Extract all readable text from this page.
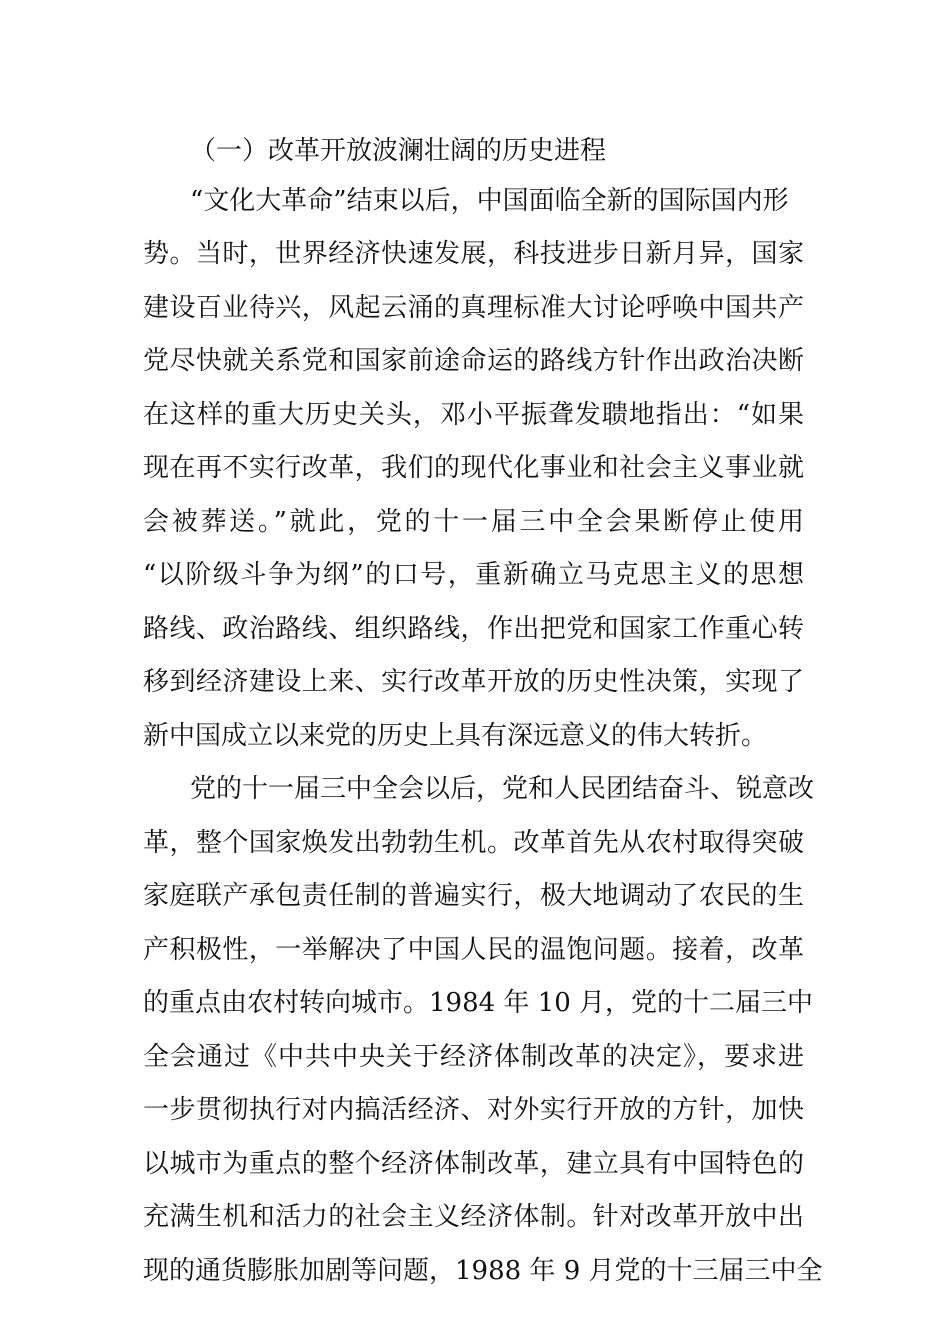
（一）改革开放波澜壮阔的历史进程
“文化大革命”结束以后，中国面临全新的国际国内形
势。当时，世界经济快速发展，科技进步日新月异，国家
建设百业待兴，风起云涌的真理标准大讨论呼唤中国共产
党尽快就关系党和国家前途命运的路线方针作出政治决断
在这样的重大历史关头，邓小平振聋发聩地指出：“如果
现在再不实行改革，我们的现代化事业和社会主义事业就
会被葬送。”就此，党的十一届三中全会果断停止使用
“以阶级斗争为纲”的口号，重新确立马克思主义的思想
路线、政治路线、组织路线，作出把党和国家工作重心转
移到经济建设上来、实行改革开放的历史性决策，实现了
新中国成立以来党的历史上具有深远意义的伟大转折。
党的十一届三中全会以后，党和人民团结奋斗、锐意改
革，整个国家焕发出勃勃生机。改革首先从农村取得突破
家庭联产承包责任制的普遍实行，极大地调动了农民的生
产积极性，一举解决了中国人民的温饱问题。接着，改革
的重点由农村转向城市。1984 年 10 月，党的十二届三中
全会通过《中共中央关于经济体制改革的决定》，要求进
一步贯彻执行对内搞活经济、对外实行开放的方针，加快
以城市为重点的整个经济体制改革，建立具有中国特色的
充满生机和活力的社会主义经济体制。针对改革开放中出
现的通货膨胀加剧等问题，1988 年 9 月党的十三届三中全
